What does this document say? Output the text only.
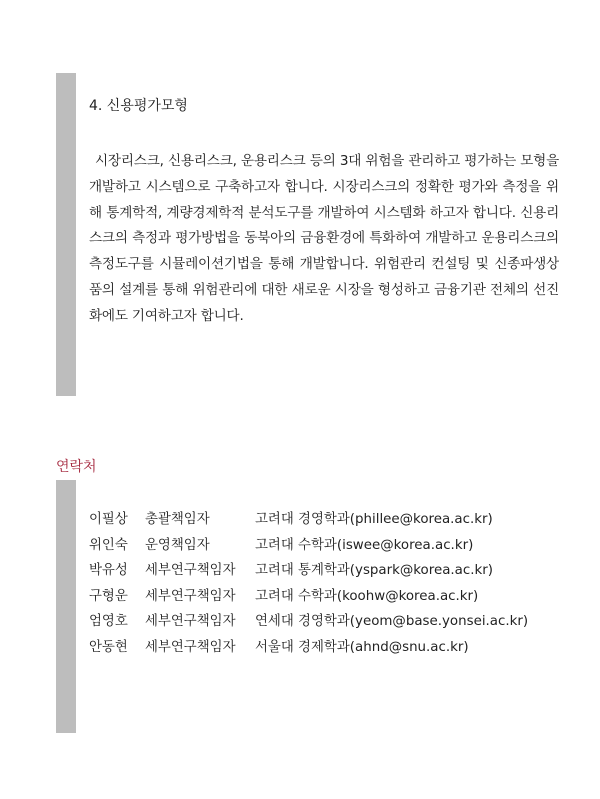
4. 신용평가모형
시장리스크, 신용리스크, 운용리스크 등의 3대 위험을 관리하고 평가하는 모형을 개발하고 시스템으로 구축하고자 합니다. 시장리스크의 정확한 평가와 측정을 위해 통계학적, 계량경제학적 분석도구를 개발하여 시스템화 하고자 합니다. 신용리스크의 측정과 평가방법을 동북아의 금융환경에 특화하여 개발하고 운용리스크의 측정도구를 시뮬레이션기법을 통해 개발합니다. 위험관리 컨설팅 및 신종파생상품의 설계를 통해 위험관리에 대한 새로운 시장을 형성하고 금융기관 전체의 선진화에도 기여하고자 합니다.
연락처
이필상 총괄책임자	고려대 경영학과(phillee@korea.ac.kr)
위인숙 운영책임자	고려대 수학과(iswee@korea.ac.kr)
박유성 세부연구책임자 고려대 통계학과(yspark@korea.ac.kr)
구형운 세부연구책임자 고려대 수학과(koohw@korea.ac.kr)
엄영호 세부연구책임자 연세대 경영학과(yeom@base.yonsei.ac.kr)
안동현 세부연구책임자 서울대 경제학과(ahnd@snu.ac.kr)
